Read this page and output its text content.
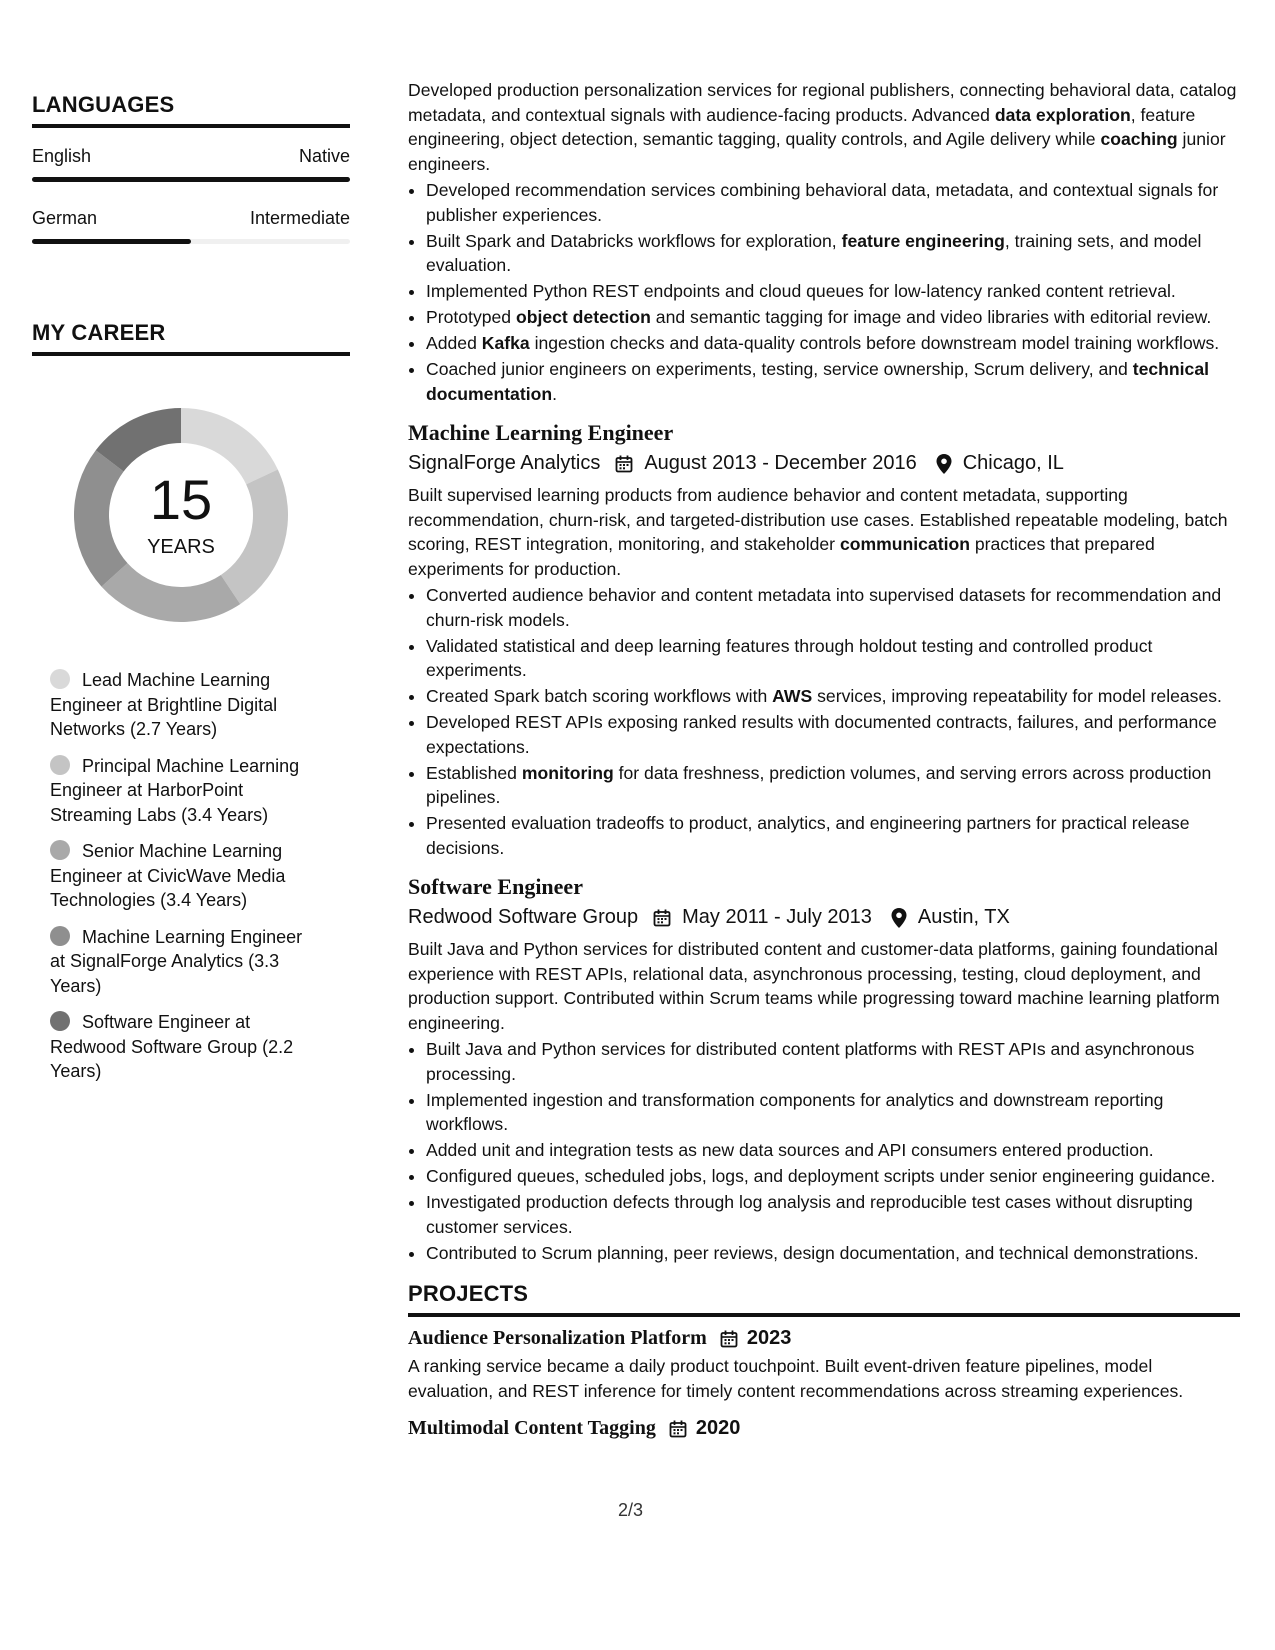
LANGUAGES
English	Native
German	Intermediate
MY CAREER
15
YEARS
Lead Machine Learning Engineer at Brightline Digital Networks (2.7 Years)
Principal Machine Learning Engineer at HarborPoint Streaming Labs (3.4 Years)
Senior Machine Learning Engineer at CivicWave Media Technologies (3.4 Years)
Machine Learning Engineer at SignalForge Analytics (3.3 Years)
Software Engineer at Redwood Software Group (2.2 Years)

Developed production personalization services for regional publishers, connecting behavioral data, catalog metadata, and contextual signals with audience-facing products. Advanced data exploration, feature engineering, object detection, semantic tagging, quality controls, and Agile delivery while coaching junior engineers.

• Developed recommendation services combining behavioral data, metadata, and contextual signals for publisher experiences.
• Built Spark and Databricks workflows for exploration, feature engineering, training sets, and model evaluation.
• Implemented Python REST endpoints and cloud queues for low-latency ranked content retrieval.
• Prototyped object detection and semantic tagging for image and video libraries with editorial review.
• Added Kafka ingestion checks and data-quality controls before downstream model training workflows.
• Coached junior engineers on experiments, testing, service ownership, Scrum delivery, and technical documentation.
Machine Learning Engineer
SignalForge Analytics August 2013 - December 2016 Chicago, IL

Built supervised learning products from audience behavior and content metadata, supporting recommendation, churn-risk, and targeted-distribution use cases. Established repeatable modeling, batch scoring, REST integration, monitoring, and stakeholder communication practices that prepared experiments for production.

• Converted audience behavior and content metadata into supervised datasets for recommendation and churn-risk models.
• Validated statistical and deep learning features through holdout testing and controlled product experiments.
• Created Spark batch scoring workflows with AWS services, improving repeatability for model releases.
• Developed REST APIs exposing ranked results with documented contracts, failures, and performance expectations.
• Established monitoring for data freshness, prediction volumes, and serving errors across production pipelines.
• Presented evaluation tradeoffs to product, analytics, and engineering partners for practical release decisions.
Software Engineer
Redwood Software Group May 2011 - July 2013 Austin, TX

Built Java and Python services for distributed content and customer-data platforms, gaining foundational experience with REST APIs, relational data, asynchronous processing, testing, cloud deployment, and production support. Contributed within Scrum teams while progressing toward machine learning platform engineering.

• Built Java and Python services for distributed content platforms with REST APIs and asynchronous processing.
• Implemented ingestion and transformation components for analytics and downstream reporting workflows.
• Added unit and integration tests as new data sources and API consumers entered production.
• Configured queues, scheduled jobs, logs, and deployment scripts under senior engineering guidance.
• Investigated production defects through log analysis and reproducible test cases without disrupting customer services.
• Contributed to Scrum planning, peer reviews, design documentation, and technical demonstrations.
PROJECTS
Audience Personalization Platform 2023

A ranking service became a daily product touchpoint. Built event-driven feature pipelines, model evaluation, and REST inference for timely content recommendations across streaming experiences.

Multimodal Content Tagging 2020
2/3
